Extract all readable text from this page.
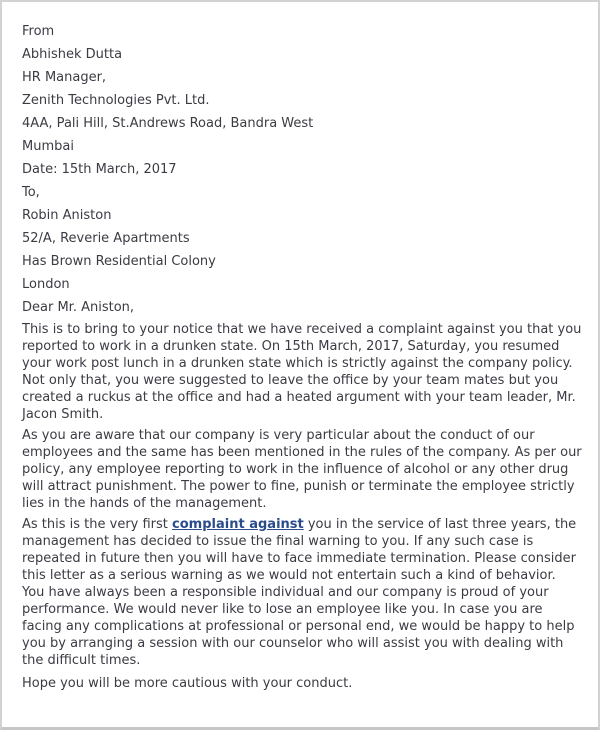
From
Abhishek Dutta
HR Manager,
Zenith Technologies Pvt. Ltd.
4AA, Pali Hill, St.Andrews Road, Bandra West
Mumbai
Date: 15th March, 2017
To,
Robin Aniston
52/A, Reverie Apartments
Has Brown Residential Colony
London
Dear Mr. Aniston,

This is to bring to your notice that we have received a complaint against you that you reported to work in a drunken state. On 15th March, 2017, Saturday, you resumed your work post lunch in a drunken state which is strictly against the company policy. Not only that, you were suggested to leave the office by your team mates but you created a ruckus at the office and had a heated argument with your team leader, Mr. Jacon Smith.

As you are aware that our company is very particular about the conduct of our employees and the same has been mentioned in the rules of the company. As per our policy, any employee reporting to work in the influence of alcohol or any other drug will attract punishment. The power to fine, punish or terminate the employee strictly lies in the hands of the management.

As this is the very first complaint against you in the service of last three years, the management has decided to issue the final warning to you. If any such case is repeated in future then you will have to face immediate termination. Please consider this letter as a serious warning as we would not entertain such a kind of behavior.
You have always been a responsible individual and our company is proud of your performance. We would never like to lose an employee like you. In case you are facing any complications at professional or personal end, we would be happy to help you by arranging a session with our counselor who will assist you with dealing with the difficult times.

Hope you will be more cautious with your conduct.
